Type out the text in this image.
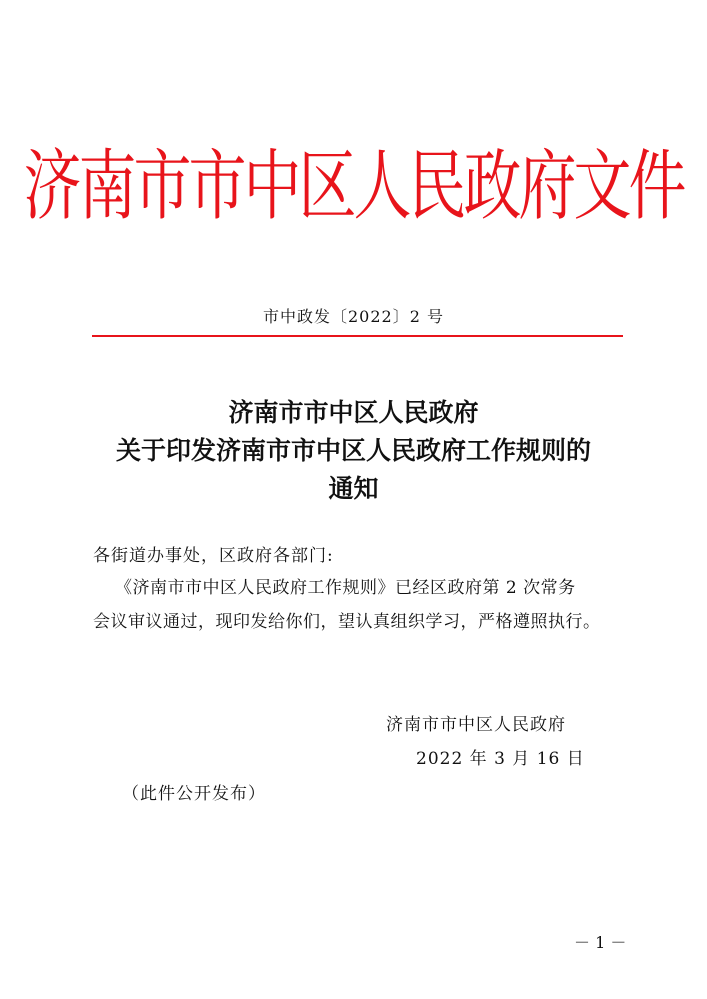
济南市市中区人民政府文件
市中政发〔2022〕2 号
济南市市中区人民政府
关于印发济南市市中区人民政府工作规则的
通知
各街道办事处，区政府各部门:
《济南市市中区人民政府工作规则》已经区政府第 2 次常务
会议审议通过，现印发给你们，望认真组织学习，严格遵照执行。
济南市市中区人民政府
2022 年 3 月 16 日
（此件公开发布）
－ 1 －
